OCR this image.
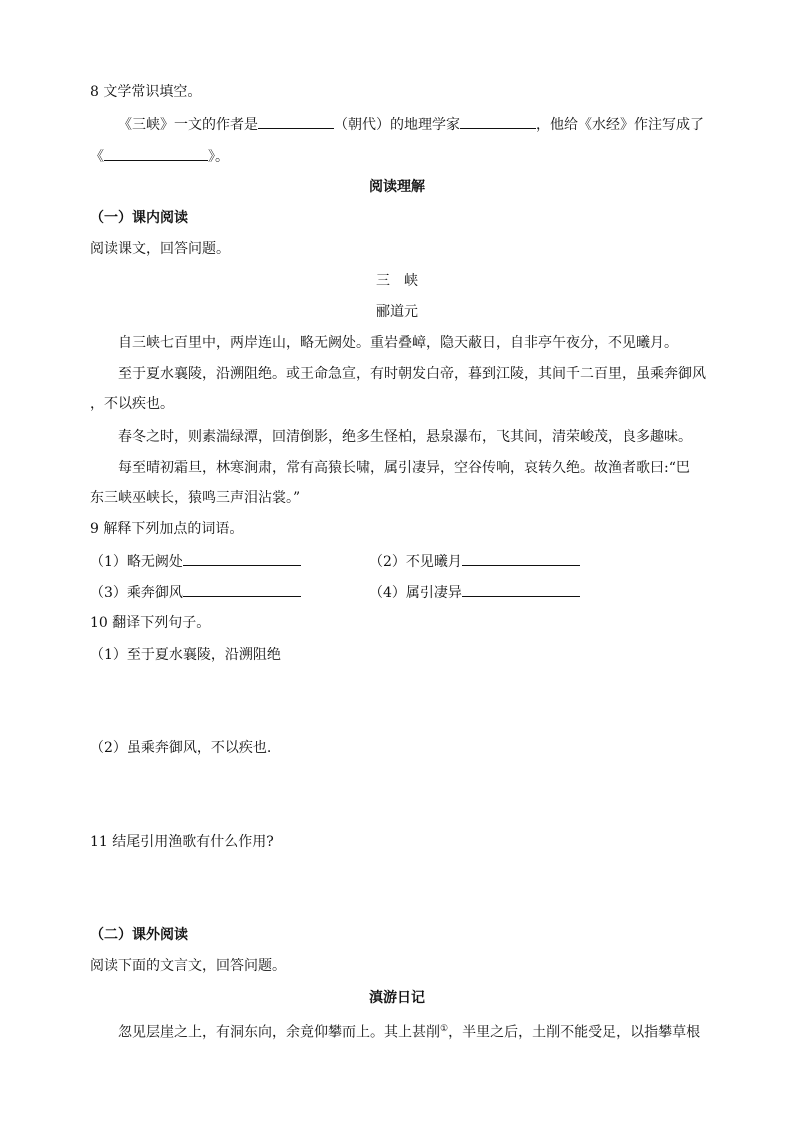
8 文学常识填空。
《三峡》一文的作者是	（朝代）的地理学家	，他给《水经》作注写成了
《	》。
阅读理解
（一）课内阅读
阅读课文，回答问题。
三　峡
郦道元
自三峡七百里中，两岸连山，略无阙处。重岩叠嶂，隐天蔽日，自非亭午夜分，不见曦月。
至于夏水襄陵，沿溯阻绝。或王命急宣，有时朝发白帝，暮到江陵，其间千二百里，虽乘奔御风
，不以疾也。
春冬之时，则素湍绿潭，回清倒影，绝多生怪柏，悬泉瀑布，飞其间，清荣峻茂，良多趣味。
每至晴初霜旦，林寒涧肃，常有高猿长啸，属引凄异，空谷传响，哀转久绝。故渔者歌曰:“巴
东三峡巫峡长，猿鸣三声泪沾裳。”
9 解释下列加点的词语。
（1）略无阙处	（2）不见曦月
（3）乘奔御风	（4）属引凄异
10 翻译下列句子。
（1）至于夏水襄陵，沿溯阻绝
（2）虽乘奔御风，不以疾也.
11 结尾引用渔歌有什么作用?
（二）课外阅读
阅读下面的文言文，回答问题。
滇游日记
忽见层崖之上，有洞东向，余竟仰攀而上。其上甚削①，半里之后，土削不能受足，以指攀草根
